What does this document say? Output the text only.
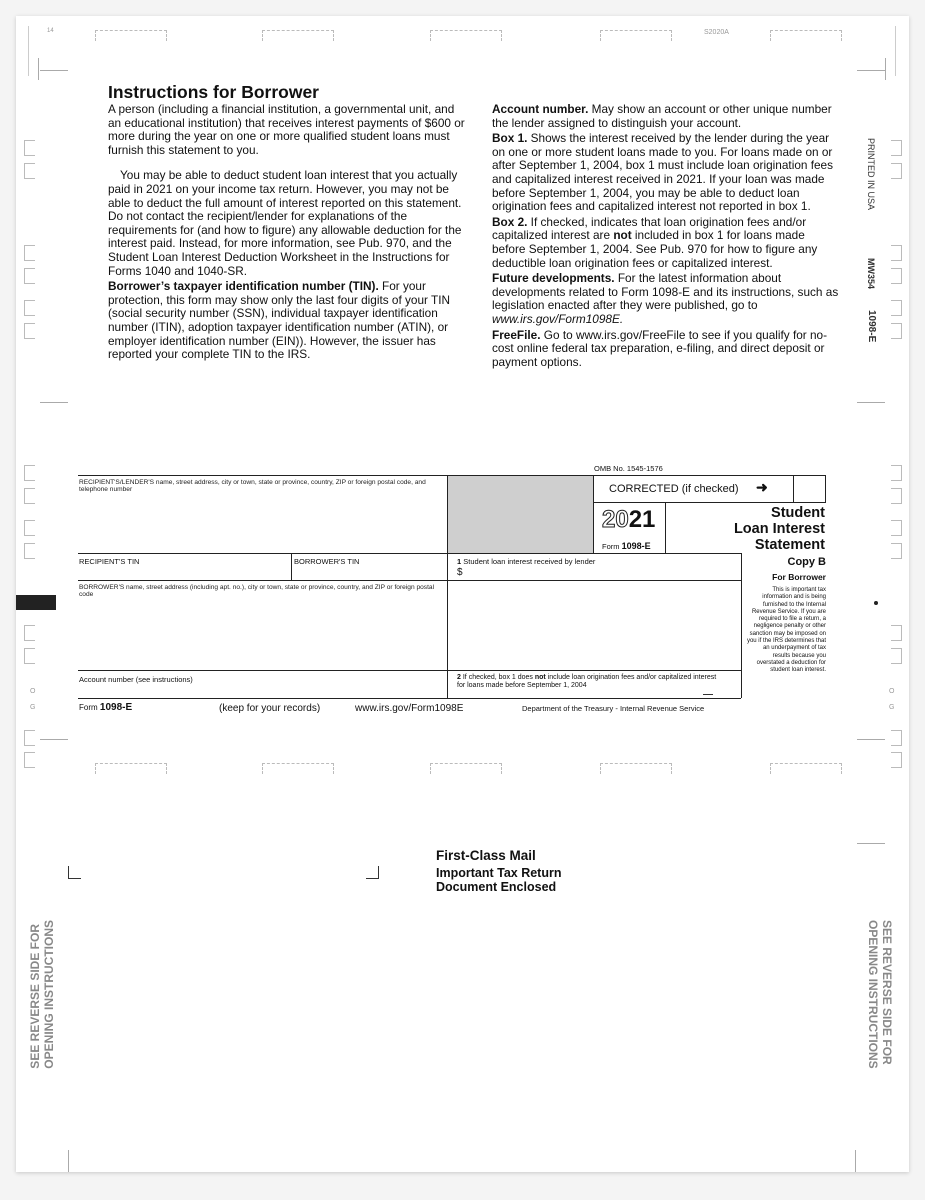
14	S2020A
O
G
O
G
PRINTED IN USA
MW354
1098-E
SEE REVERSE SIDE FOR OPENING INSTRUCTIONS	SEE REVERSE SIDE FOR
OPENING INSTRUCTIONS
Instructions for Borrower

A person (including a financial institution, a governmental unit, and an educational institution) that receives interest payments of $600 or more during the year on one or more qualified student loans must furnish this statement to you.

You may be able to deduct student loan interest that you actually paid in 2021 on your income tax return. However, you may not be able to deduct the full amount of interest reported on this statement. Do not contact the recipient/lender for explanations of the requirements for (and how to figure) any allowable deduction for the interest paid. Instead, for more information, see Pub. 970, and the Student Loan Interest Deduction Worksheet in the Instructions for Forms 1040 and 1040-SR.

Borrower’s taxpayer identification number (TIN). For your protection, this form may show only the last four digits of your TIN (social security number (SSN), individual taxpayer identification number (ITIN), adoption taxpayer identification number (ATIN), or employer identification number (EIN)). However, the issuer has reported your complete TIN to the IRS.

Account number. May show an account or other unique number the lender assigned to distinguish your account.

Box 1. Shows the interest received by the lender during the year on one or more student loans made to you. For loans made on or after September 1, 2004, box 1 must include loan origination fees and capitalized interest received in 2021. If your loan was made before September 1, 2004, you may be able to deduct loan origination fees and capitalized interest not reported in box 1.

Box 2. If checked, indicates that loan origination fees and/or capitalized interest are not included in box 1 for loans made before September 1, 2004. See Pub. 970 for how to figure any deductible loan origination fees or capitalized interest.

Future developments. For the latest information about developments related to Form 1098-E and its instructions, such as legislation enacted after they were published, go to www.irs.gov/Form1098E.

FreeFile. Go to www.irs.gov/FreeFile to see if you qualify for no-cost online federal tax preparation, e-filing, and direct deposit or payment options.

OMB No. 1545-1576
RECIPIENT'S/LENDER'S name, street address, city or town, state or province, country, ZIP or foreign postal code, and telephone number	CORRECTED (if checked) ➜
2021
Form 1098-E
Student
Loan Interest
Statement
RECIPIENT'S TIN	BORROWER'S TIN	1 Student loan interest received by lender
$
Copy B
For Borrower
This is important tax information and is being furnished to the Internal Revenue Service. If you are required to file a return, a negligence penalty or other sanction may be imposed on you if the IRS determines that an underpayment of tax results because you overstated a deduction for student loan interest.
BORROWER'S name, street address (including apt. no.), city or town, state or province, country, and ZIP or foreign postal code
Account number (see instructions)	2 If checked, box 1 does not include loan origination fees and/or capitalized interest for loans made before September 1, 2004
Form 1098-E	(keep for your records)	www.irs.gov/Form1098E	Department of the Treasury - Internal Revenue Service
First-Class Mail
Important Tax Return
Document Enclosed
